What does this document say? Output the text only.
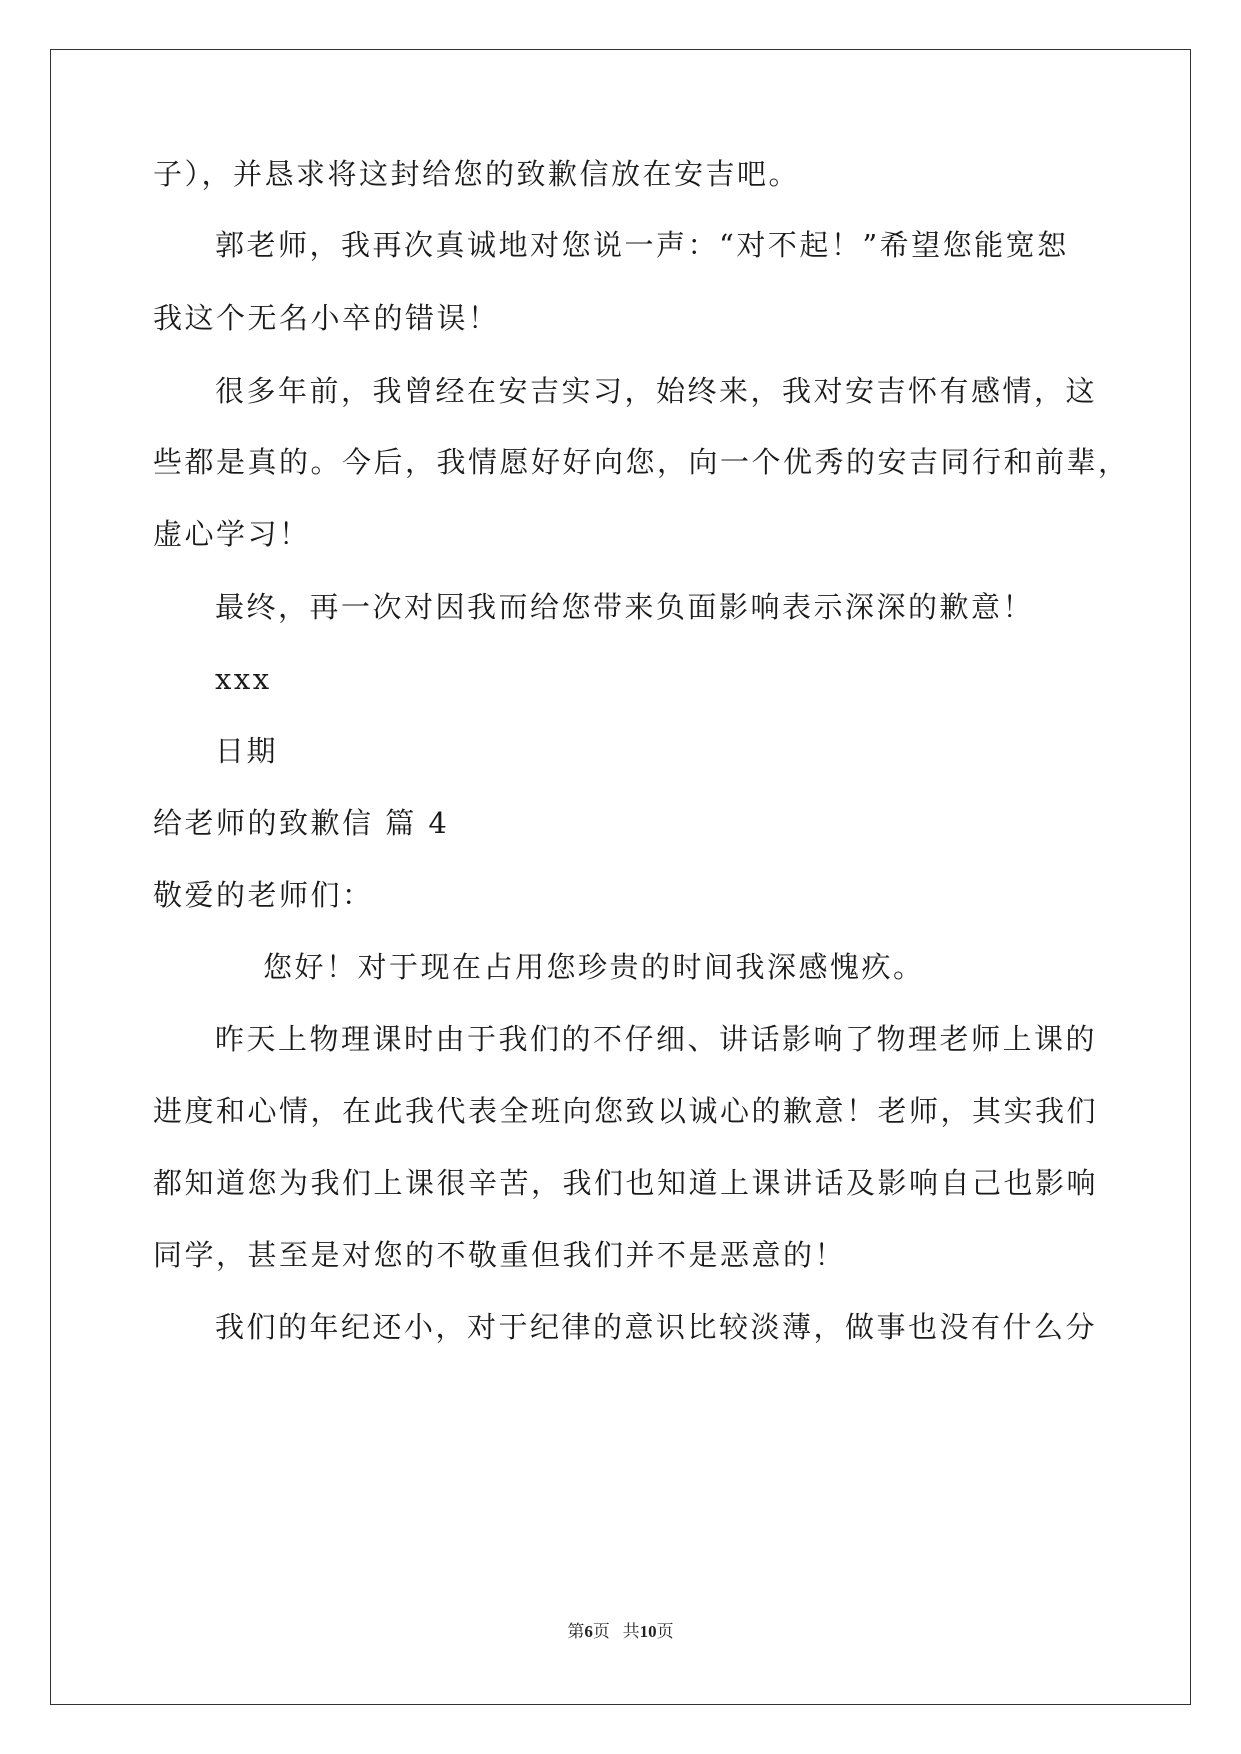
子），并恳求将这封给您的致歉信放在安吉吧。
郭老师，我再次真诚地对您说一声：“对不起！”希望您能宽恕
我这个无名小卒的错误！
很多年前，我曾经在安吉实习，始终来，我对安吉怀有感情，这
些都是真的。今后，我情愿好好向您，向一个优秀的安吉同行和前辈，
虚心学习！
最终，再一次对因我而给您带来负面影响表示深深的歉意！
xxx
日期
给老师的致歉信 篇 4
敬爱的老师们：
您好！对于现在占用您珍贵的时间我深感愧疚。
昨天上物理课时由于我们的不仔细、讲话影响了物理老师上课的
进度和心情，在此我代表全班向您致以诚心的歉意！老师，其实我们
都知道您为我们上课很辛苦，我们也知道上课讲话及影响自己也影响
同学，甚至是对您的不敬重但我们并不是恶意的！
我们的年纪还小，对于纪律的意识比较淡薄，做事也没有什么分
第6页 共10页
